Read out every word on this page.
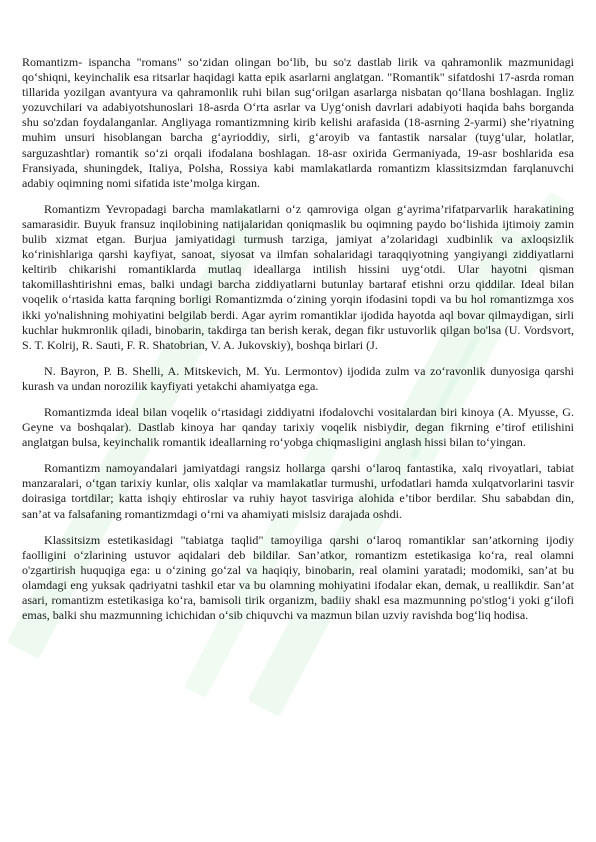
Romantizm- ispancha "romans" so‘zidan olingan bo‘lib, bu so'z dastlab lirik va qahramonlik mazmunidagi qo‘shiqni, keyinchalik esa ritsarlar haqidagi katta epik asarlarni anglatgan. "Romantik" sifatdoshi 17-asrda roman tillarida yozilgan avantyura va qahramonlik ruhi bilan sug‘orilgan asarlarga nisbatan qo‘llana boshlagan. Ingliz yozuvchilari va adabiyotshunoslari 18-asrda O‘rta asrlar va Uyg‘onish davrlari adabiyoti haqida bahs borganda shu so'zdan foydalanganlar. Angliyaga romantizmning kirib kelishi arafasida (18-asrning 2-yarmi) she’riyatning muhim unsuri hisoblangan barcha g‘ayrioddiy, sirli, g‘aroyib va fantastik narsalar (tuyg‘ular, holatlar, sarguzashtlar) romantik so‘zi orqali ifodalana boshlagan. 18-asr oxirida Germaniyada, 19-asr boshlarida esa Fransiyada, shuningdek, Italiya, Polsha, Rossiya kabi mamlakatlarda romantizm klassitsizmdan farqlanuvchi adabiy oqimning nomi sifatida iste’molga kirgan.

Romantizm Yevropadagi barcha mamlakatlarni o‘z qamroviga olgan g‘ayrima’rifatparvarlik harakatining samarasidir. Buyuk fransuz inqilobining natijalaridan qoniqmaslik bu oqimning paydo bo‘lishida ijtimoiy zamin bulib xizmat etgan. Burjua jamiyatidagi turmush tarziga, jamiyat a’zolaridagi xudbinlik va axloqsizlik ko‘rinishlariga qarshi kayfiyat, sanoat, siyosat va ilmfan sohalaridagi taraqqiyotning yangiyangi ziddiyatlarni keltirib chikarishi romantiklarda mutlaq ideallarga intilish hissini uyg‘otdi. Ular hayotni qisman takomillashtirishni emas, balki undagi barcha ziddiyatlarni butunlay bartaraf etishni orzu qiddilar. Ideal bilan voqelik o‘rtasida katta farqning borligi Romantizmda o‘zining yorqin ifodasini topdi va bu hol romantizmga xos ikki yo'nalishning mohiyatini belgilab berdi. Agar ayrim romantiklar ijodida hayotda aql bovar qilmaydigan, sirli kuchlar hukmronlik qiladi, binobarin, takdirga tan berish kerak, degan fikr ustuvorlik qilgan bo'lsa (U. Vordsvort, S. T. Kolrij, R. Sauti, F. R. Shatobrian, V. A. Jukovskiy), boshqa birlari (J.

N. Bayron, P. B. Shelli, A. Mitskevich, M. Yu. Lermontov) ijodida zulm va zo‘ravonlik dunyosiga qarshi kurash va undan norozilik kayfiyati yetakchi ahamiyatga ega.

Romantizmda ideal bilan voqelik o‘rtasidagi ziddiyatni ifodalovchi vositalardan biri kinoya (A. Myusse, G. Geyne va boshqalar). Dastlab kinoya har qanday tarixiy voqelik nisbiydir, degan fikrning e’tirof etilishini anglatgan bulsa, keyinchalik romantik ideallarning ro‘yobga chiqmasligini anglash hissi bilan to‘yingan.

Romantizm namoyandalari jamiyatdagi rangsiz hollarga qarshi o‘laroq fantastika, xalq rivoyatlari, tabiat manzaralari, o‘tgan tarixiy kunlar, olis xalqlar va mamlakatlar turmushi, urfodatlari hamda xulqatvorlarini tasvir doirasiga tortdilar; katta ishqiy ehtiroslar va ruhiy hayot tasviriga alohida e’tibor berdilar. Shu sababdan din, san’at va falsafaning romantizmdagi o‘rni va ahamiyati mislsiz darajada oshdi.

Klassitsizm estetikasidagi "tabiatga taqlid" tamoyiliga qarshi o‘laroq romantiklar san’atkorning ijodiy faolligini o‘zlarining ustuvor aqidalari deb bildilar. San’atkor, romantizm estetikasiga ko‘ra, real olamni o'zgartirish huquqiga ega: u o‘zining go‘zal va haqiqiy, binobarin, real olamini yaratadi; modomiki, san’at bu olamdagi eng yuksak qadriyatni tashkil etar va bu olamning mohiyatini ifodalar ekan, demak, u reallikdir. San’at asari, romantizm estetikasiga ko‘ra, bamisoli tirik organizm, badiiy shakl esa mazmunning po'stlog‘i yoki g‘ilofi emas, balki shu mazmunning ichichidan o‘sib chiquvchi va mazmun bilan uzviy ravishda bog‘liq hodisa.
